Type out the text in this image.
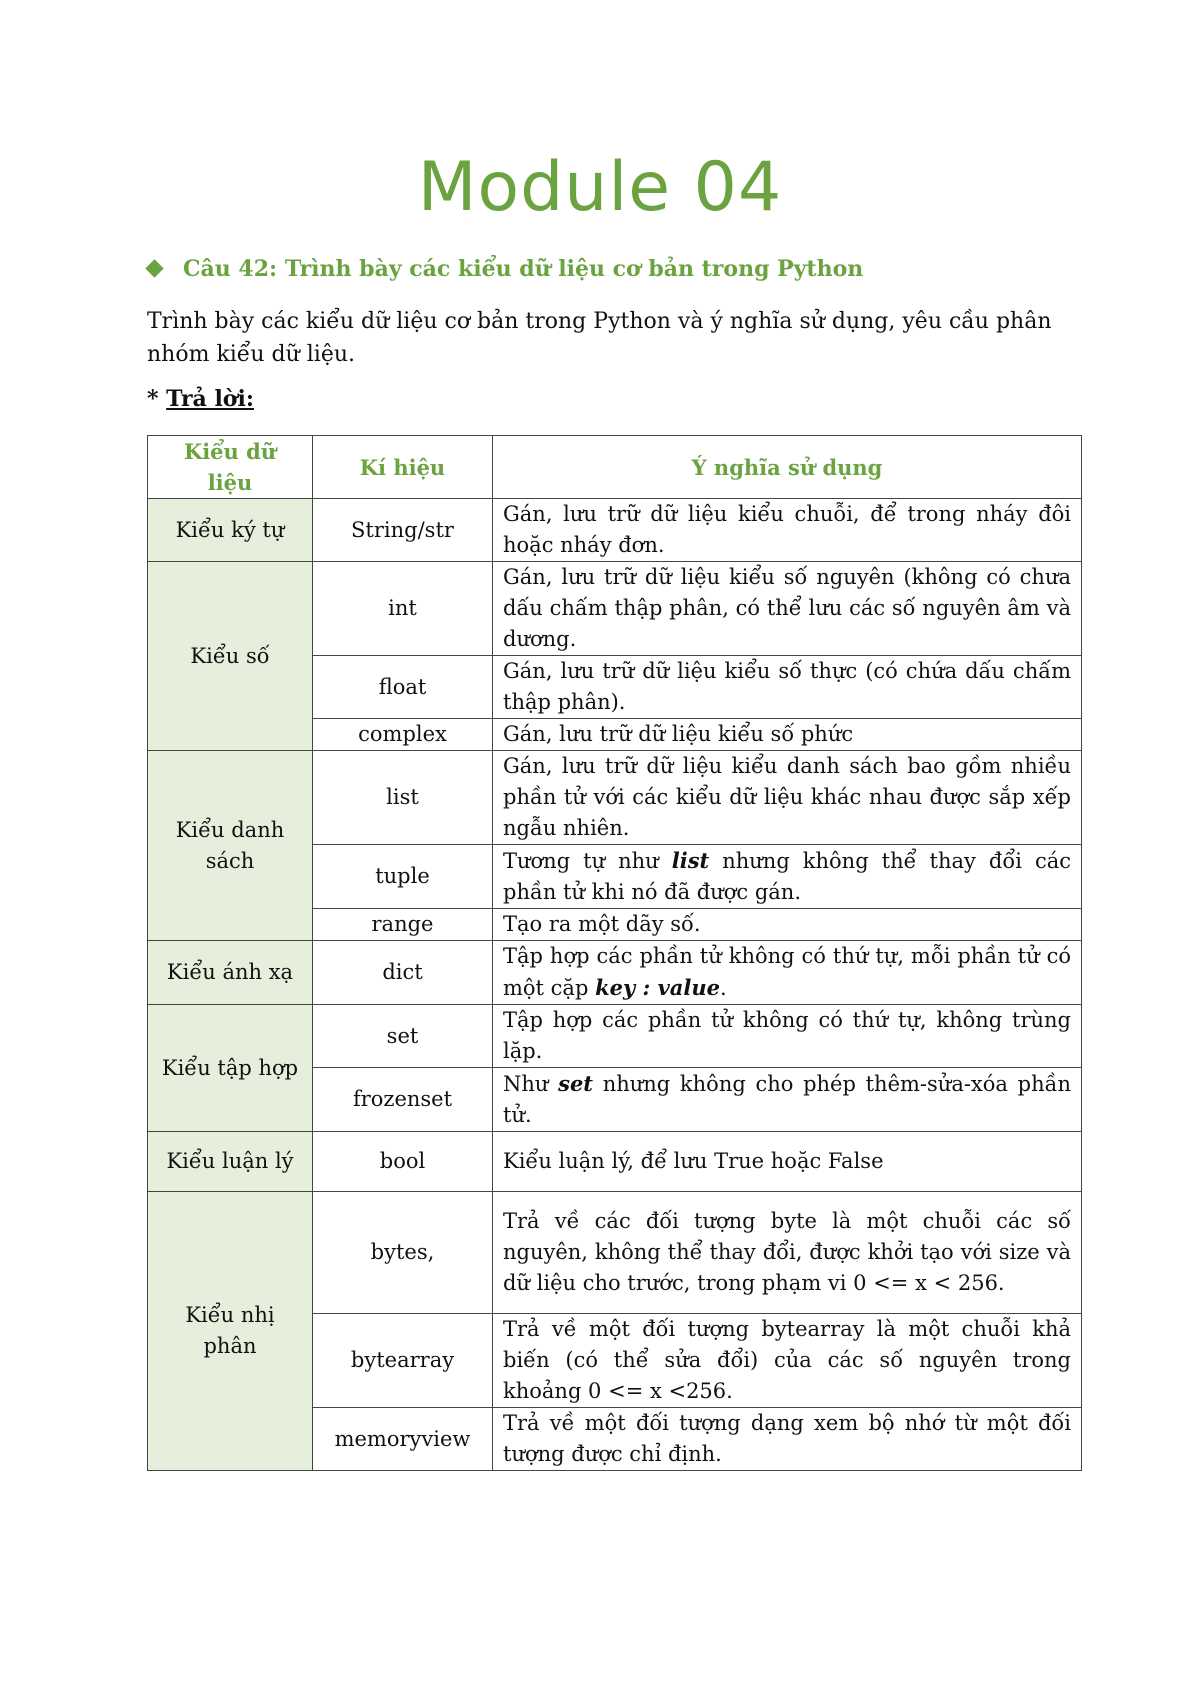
Module 04
Câu 42: Trình bày các kiểu dữ liệu cơ bản trong Python
Trình bày các kiểu dữ liệu cơ bản trong Python và ý nghĩa sử dụng, yêu cầu phân nhóm kiểu dữ liệu.
* Trả lời:
Kiểu dữ liệu	Kí hiệu	Ý nghĩa sử dụng
Kiểu ký tự	String/str	Gán, lưu trữ dữ liệu kiểu chuỗi, để trong nháy đôi hoặc nháy đơn.
Kiểu số	int	Gán, lưu trữ dữ liệu kiểu số nguyên (không có chưa dấu chấm thập phân, có thể lưu các số nguyên âm và dương.
	float	Gán, lưu trữ dữ liệu kiểu số thực (có chứa dấu chấm thập phân).
	complex	Gán, lưu trữ dữ liệu kiểu số phức
Kiểu danh sách	list	Gán, lưu trữ dữ liệu kiểu danh sách bao gồm nhiều phần tử với các kiểu dữ liệu khác nhau được sắp xếp ngẫu nhiên.
	tuple	Tương tự như list nhưng không thể thay đổi các phần tử khi nó đã được gán.
	range	Tạo ra một dãy số.
Kiểu ánh xạ	dict	Tập hợp các phần tử không có thứ tự, mỗi phần tử có một cặp key : value.
Kiểu tập hợp	set	Tập hợp các phần tử không có thứ tự, không trùng lặp.
	frozenset	Như set nhưng không cho phép thêm-sửa-xóa phần tử.
Kiểu luận lý	bool	Kiểu luận lý, để lưu True hoặc False
Kiểu nhị phân	bytes,	Trả về các đối tượng byte là một chuỗi các số nguyên, không thể thay đổi, được khởi tạo với size và dữ liệu cho trước, trong phạm vi 0 <= x < 256.
	bytearray	Trả về một đối tượng bytearray là một chuỗi khả biến (có thể sửa đổi) của các số nguyên trong khoảng 0 <= x <256.
	memoryview	Trả về một đối tượng dạng xem bộ nhớ từ một đối tượng được chỉ định.
